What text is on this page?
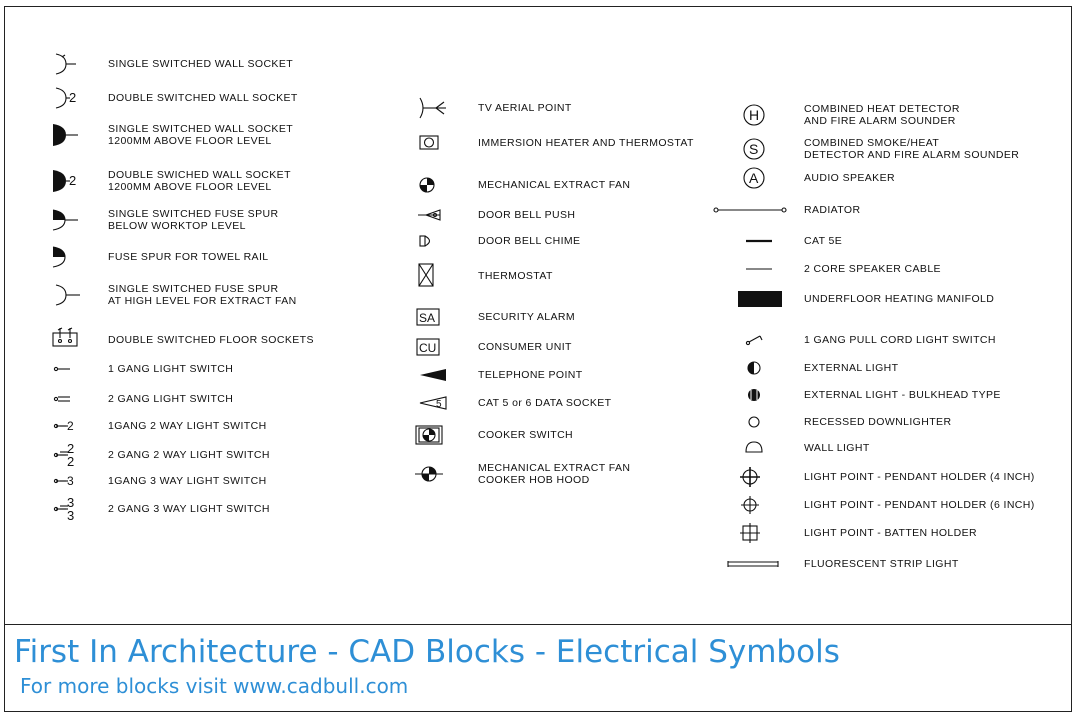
SINGLE SWITCHED WALL SOCKET
2	DOUBLE SWITCHED WALL SOCKET
SINGLE SWITCHED WALL SOCKET
1200MM ABOVE FLOOR LEVEL
2	DOUBLE SWICHED WALL SOCKET
1200MM ABOVE FLOOR LEVEL
SINGLE SWITCHED FUSE SPUR
BELOW WORKTOP LEVEL
FUSE SPUR FOR TOWEL RAIL
SINGLE SWITCHED FUSE SPUR
AT HIGH LEVEL FOR EXTRACT FAN
DOUBLE SWITCHED FLOOR SOCKETS
1 GANG LIGHT SWITCH
2 GANG LIGHT SWITCH
2	1GANG 2 WAY LIGHT SWITCH
2
2	2 GANG 2 WAY LIGHT SWITCH
3	1GANG 3 WAY LIGHT SWITCH
3
3	2 GANG 3 WAY LIGHT SWITCH
TV AERIAL POINT
IMMERSION HEATER AND THERMOSTAT
MECHANICAL EXTRACT FAN
DOOR BELL PUSH
DOOR BELL CHIME
THERMOSTAT
SA	SECURITY ALARM
CU	CONSUMER UNIT
TELEPHONE POINT
5	CAT 5 or 6 DATA SOCKET
COOKER SWITCH
MECHANICAL EXTRACT FAN
COOKER HOB HOOD
H	COMBINED HEAT DETECTOR
AND FIRE ALARM SOUNDER
S	COMBINED SMOKE/HEAT
DETECTOR AND FIRE ALARM SOUNDER
A	AUDIO SPEAKER
RADIATOR
CAT 5E
2 CORE SPEAKER CABLE
UNDERFLOOR HEATING MANIFOLD
1 GANG PULL CORD LIGHT SWITCH
EXTERNAL LIGHT
EXTERNAL LIGHT - BULKHEAD TYPE
RECESSED DOWNLIGHTER
WALL LIGHT
LIGHT POINT - PENDANT HOLDER (4 INCH)
LIGHT POINT - PENDANT HOLDER (6 INCH)
LIGHT POINT - BATTEN HOLDER
FLUORESCENT STRIP LIGHT
First In Architecture - CAD Blocks - Electrical Symbols
For more blocks visit www.cadbull.com
